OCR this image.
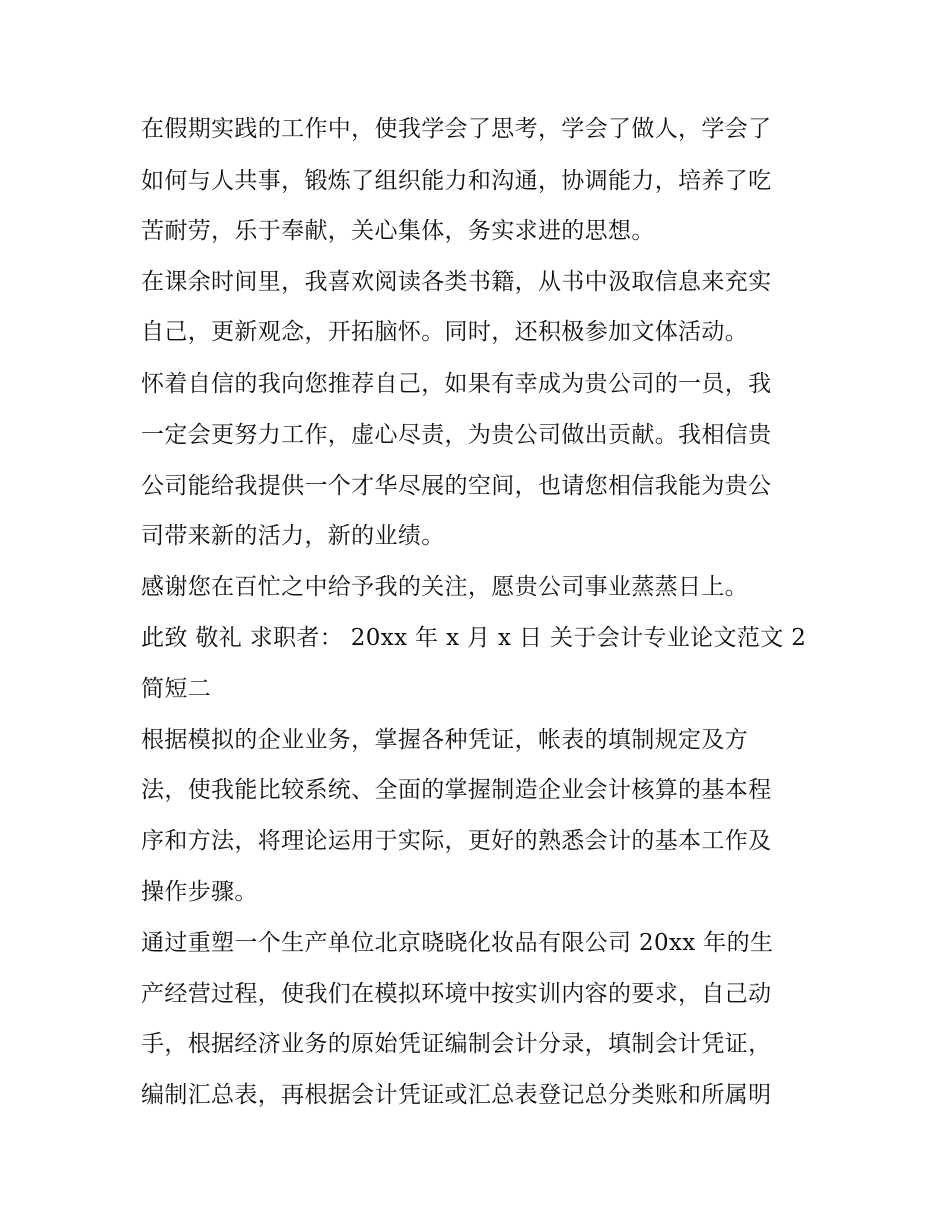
在假期实践的工作中，使我学会了思考，学会了做人，学会了
如何与人共事，锻炼了组织能力和沟通，协调能力，培养了吃
苦耐劳，乐于奉献，关心集体，务实求进的思想。
在课余时间里，我喜欢阅读各类书籍，从书中汲取信息来充实
自己，更新观念，开拓脑怀。同时，还积极参加文体活动。
怀着自信的我向您推荐自己，如果有幸成为贵公司的一员，我
一定会更努力工作，虚心尽责，为贵公司做出贡献。我相信贵
公司能给我提供一个才华尽展的空间，也请您相信我能为贵公
司带来新的活力，新的业绩。
感谢您在百忙之中给予我的关注，愿贵公司事业蒸蒸日上。
此致 敬礼 求职者： 20xx 年 x 月 x 日 关于会计专业论文范文 2
简短二
根据模拟的企业业务，掌握各种凭证，帐表的填制规定及方
法，使我能比较系统、全面的掌握制造企业会计核算的基本程
序和方法，将理论运用于实际，更好的熟悉会计的基本工作及
操作步骤。
通过重塑一个生产单位北京晓晓化妆品有限公司 20xx 年的生
产经营过程，使我们在模拟环境中按实训内容的要求，自己动
手，根据经济业务的原始凭证编制会计分录，填制会计凭证，
编制汇总表，再根据会计凭证或汇总表登记总分类账和所属明
